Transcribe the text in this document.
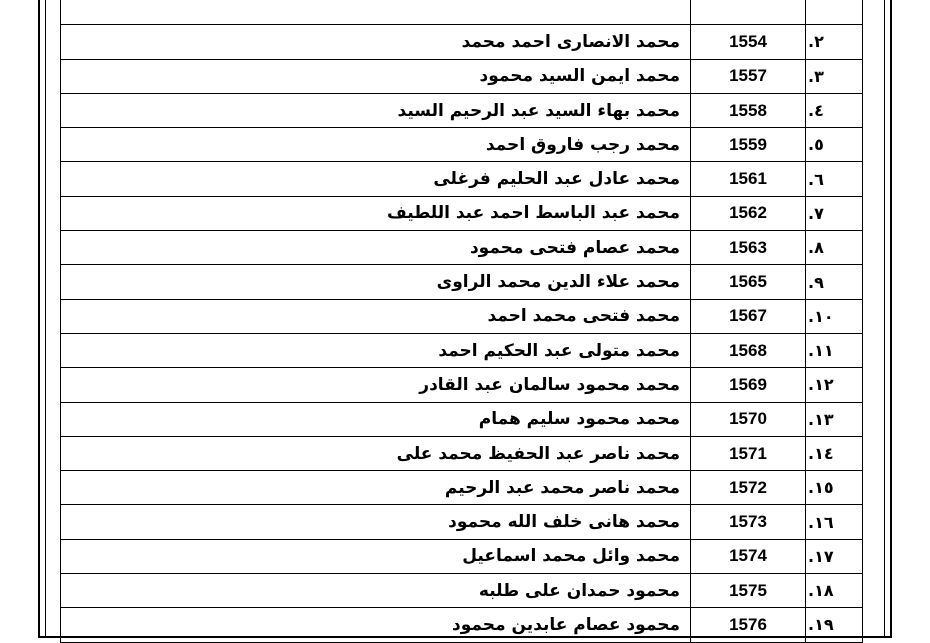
محمد الانصارى احمد محمد	1554	.٢
محمد ايمن السيد محمود	1557	.٣
محمد بهاء السيد عبد الرحيم السيد	1558	.٤
محمد رجب فاروق احمد	1559	.٥
محمد عادل عبد الحليم فرغلى	1561	.٦
محمد عبد الباسط احمد عبد اللطيف	1562	.٧
محمد عصام فتحى محمود	1563	.٨
محمد علاء الدين محمد الراوى	1565	.٩
محمد فتحى محمد احمد	1567	.١٠
محمد متولى عبد الحكيم احمد	1568	.١١
محمد محمود سالمان عبد القادر	1569	.١٢
محمد محمود سليم همام	1570	.١٣
محمد ناصر عبد الحفيظ محمد على	1571	.١٤
محمد ناصر محمد عبد الرحيم	1572	.١٥
محمد هانى خلف الله محمود	1573	.١٦
محمد وائل محمد اسماعيل	1574	.١٧
محمود حمدان على طلبه	1575	.١٨
محمود عصام عابدين محمود	1576	.١٩
